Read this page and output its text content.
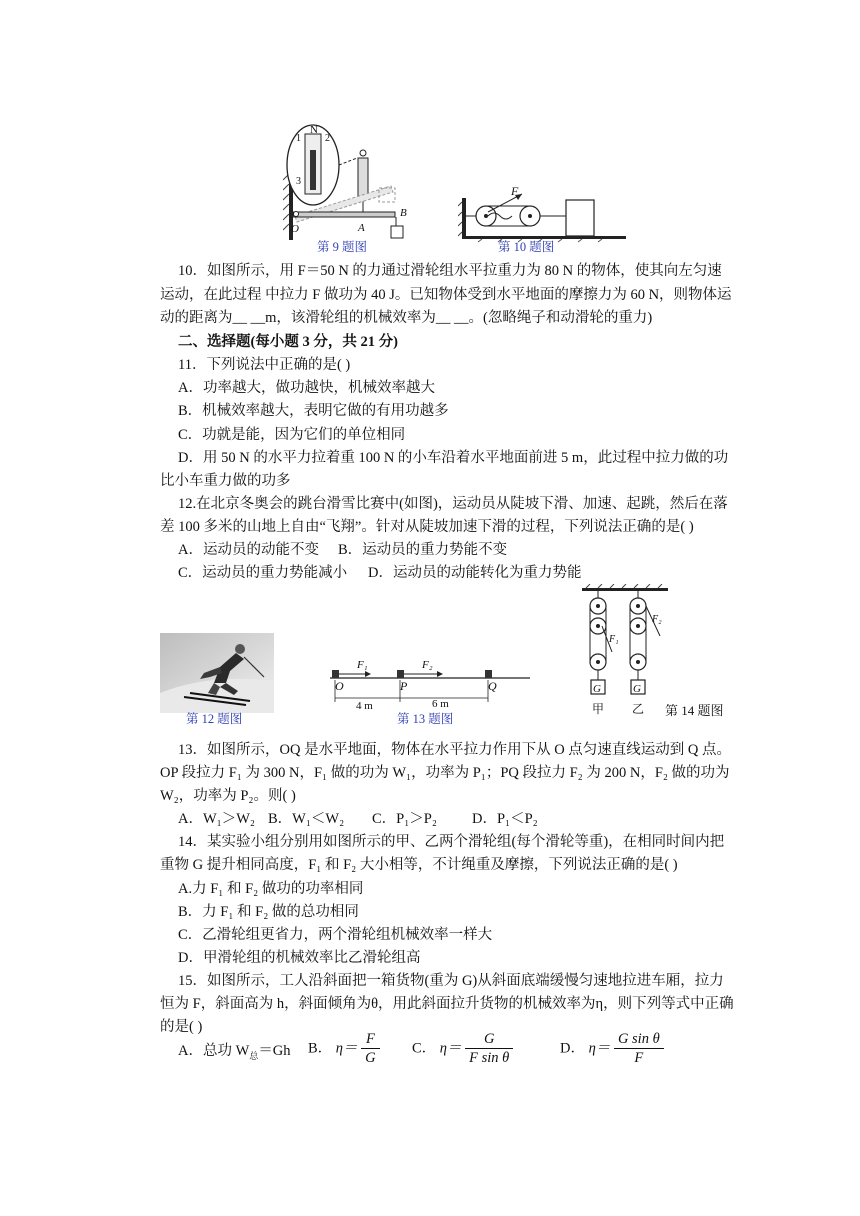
N
1 2
3
O	A
B
第 9 题图
F
第 10 题图
10．如图所示，用 F＝50 N 的力通过滑轮组水平拉重力为 80 N 的物体，使其向左匀速
运动，在此过程 中拉力 F 做功为 40 J。已知物体受到水平地面的摩擦力为 60 N，则物体运
动的距离为__ __m，该滑轮组的机械效率为__ __。(忽略绳子和动滑轮的重力)
二、选择题(每小题 3 分，共 21 分)
11．下列说法中正确的是( )
A．功率越大，做功越快，机械效率越大
B．机械效率越大，表明它做的有用功越多
C．功就是能，因为它们的单位相同
D．用 50 N 的水平力拉着重 100 N 的小车沿着水平地面前进 5 m，此过程中拉力做的功
比小车重力做的功多
12.在北京冬奥会的跳台滑雪比赛中(如图)，运动员从陡坡下滑、加速、起跳，然后在落
差 100 多米的山地上自由“飞翔”。针对从陡坡加速下滑的过程，下列说法正确的是( )
A．运动员的动能不变 B．运动员的重力势能不变
C．运动员的重力势能减小 D．运动员的动能转化为重力势能
第 12 题图
O	P	Q
F₁	F₂
4 m	6 m
第 13 题图
G	G
F₁
F₂
甲 乙 第 14 题图
13．如图所示，OQ 是水平地面，物体在水平拉力作用下从 O 点匀速直线运动到 Q 点。
OP 段拉力 F₁ 为 300 N，F₁ 做的功为 W₁，功率为 P₁；PQ 段拉力 F₂ 为 200 N，F₂ 做的功为
W₂，功率为 P₂。则( )
A．W₁＞W₂ B．W₁＜W₂ C．P₁＞P₂ D．P₁＜P₂
14．某实验小组分别用如图所示的甲、乙两个滑轮组(每个滑轮等重)，在相同时间内把
重物 G 提升相同高度，F₁ 和 F₂ 大小相等，不计绳重及摩擦，下列说法正确的是( )
A.力 F₁ 和 F₂ 做功的功率相同
B．力 F₁ 和 F₂ 做的总功相同
C．乙滑轮组更省力，两个滑轮组机械效率一样大
D．甲滑轮组的机械效率比乙滑轮组高
15．如图所示，工人沿斜面把一箱货物(重为 G)从斜面底端缓慢匀速地拉进车厢，拉力
恒为 F，斜面高为 h，斜面倾角为θ，用此斜面拉升货物的机械效率为η，则下列等式中正确
的是( )
A．总功 $W_总=Gh$ B． $\eta= \frac{F}{G}$ C． $\eta= \frac{G}{\text{F sin θ}}$	D． $\eta= \frac{\text{G sin θ}}{F}$
